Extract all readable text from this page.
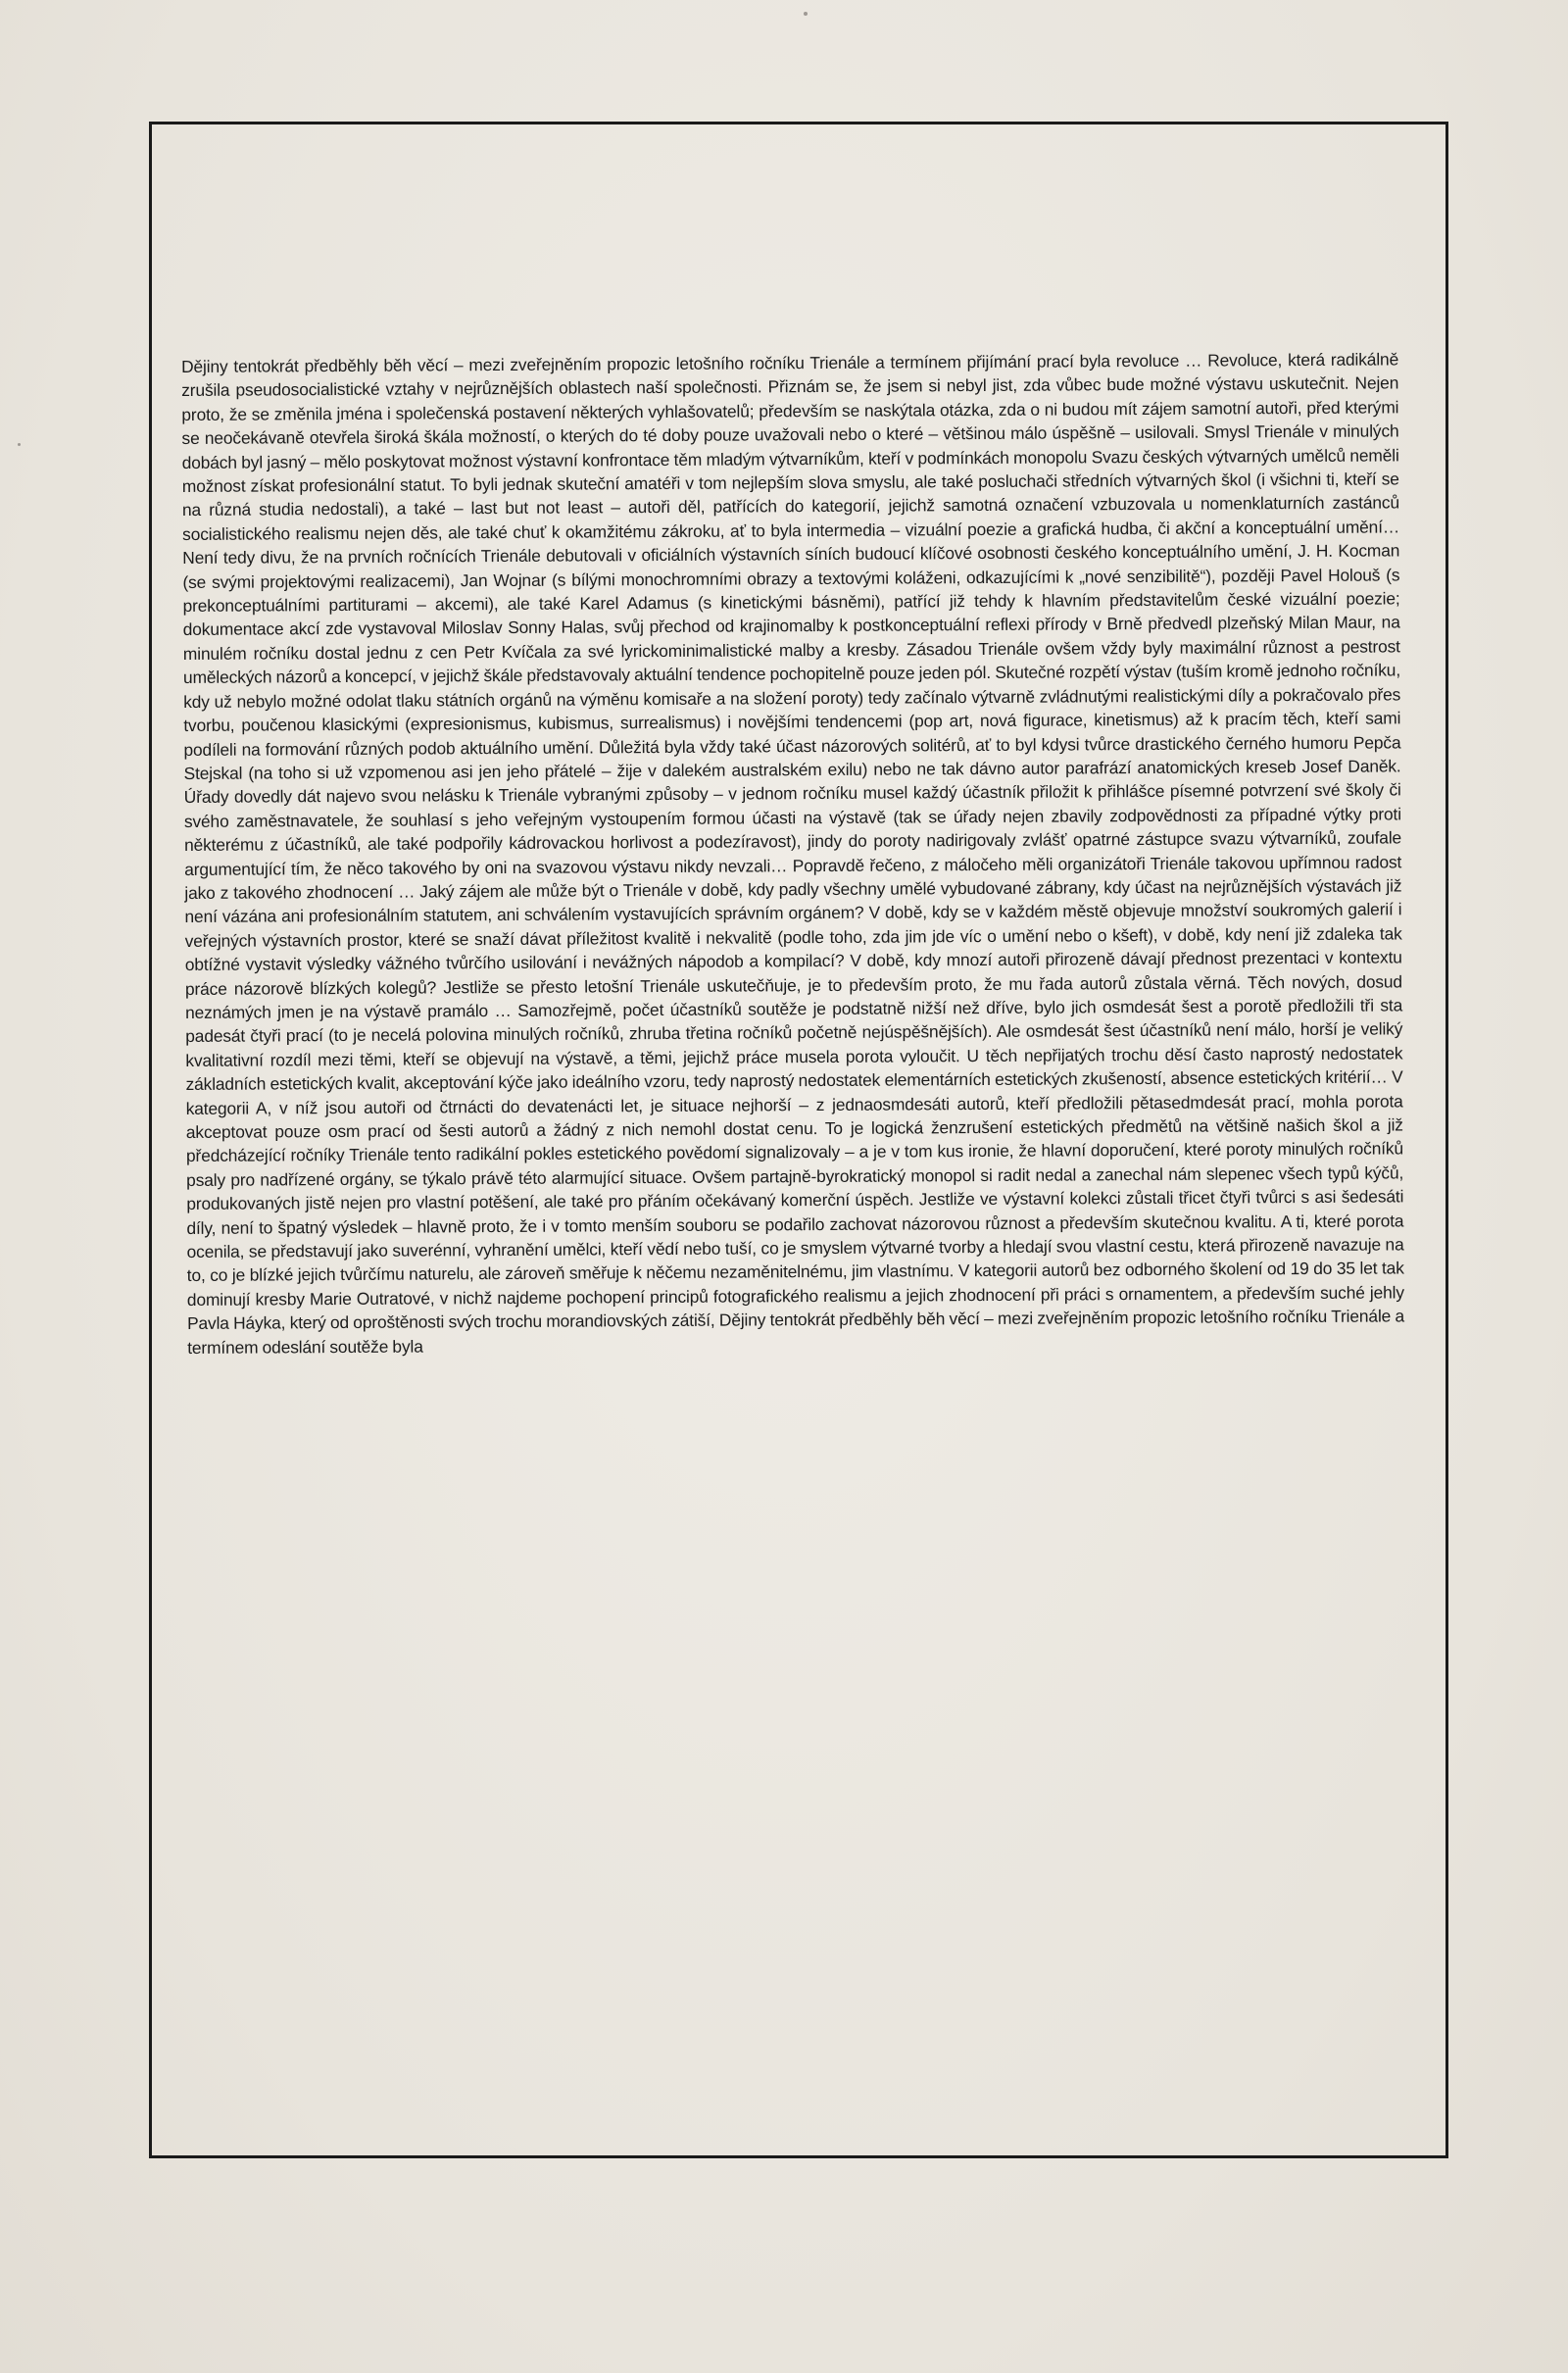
Dějiny tentokrát předběhly běh věcí – mezi zveřejněním propozic letošního ročníku Trienále a termínem přijímání prací byla revoluce … Revoluce, která radikálně zrušila pseudosocialistické vztahy v nejrůznějších oblastech naší společnosti. Přiznám se, že jsem si nebyl jist, zda vůbec bude možné výstavu uskutečnit. Nejen proto, že se změnila jména i společenská postavení některých vyhlašovatelů; především se naskýtala otázka, zda o ni budou mít zájem samotní autoři, před kterými se neočekávaně otevřela široká škála možností, o kterých do té doby pouze uvažovali nebo o které – většinou málo úspěšně – usilovali. Smysl Trienále v minulých dobách byl jasný – mělo poskytovat možnost výstavní konfrontace těm mladým výtvarníkům, kteří v podmínkách monopolu Svazu českých výtvarných umělců neměli možnost získat profesionální statut. To byli jednak skuteční amatéři v tom nejlepším slova smyslu, ale také posluchači středních výtvarných škol (i všichni ti, kteří se na různá studia nedostali), a také – last but not least – autoři děl, patřících do kategorií, jejichž samotná označení vzbuzovala u nomenklaturních zastánců socialistického realismu nejen děs, ale také chuť k okamžitému zákroku, ať to byla intermedia – vizuální poezie a grafická hudba, či akční a konceptuální umění… Není tedy divu, že na prvních ročnících Trienále debutovali v oficiálních výstavních síních budoucí klíčové osobnosti českého konceptuálního umění, J. H. Kocman (se svými projektovými realizacemi), Jan Wojnar (s bílými monochromními obrazy a textovými koláženi, odkazujícími k „nové senzibilitě“), později Pavel Holouš (s prekonceptuálními partiturami – akcemi), ale také Karel Adamus (s kinetickými básněmi), patřící již tehdy k hlavním představitelům české vizuální poezie; dokumentace akcí zde vystavoval Miloslav Sonny Halas, svůj přechod od krajinomalby k postkonceptuální reflexi přírody v Brně předvedl plzeňský Milan Maur, na minulém ročníku dostal jednu z cen Petr Kvíčala za své lyrickominimalistické malby a kresby. Zásadou Trienále ovšem vždy byly maximální různost a pestrost uměleckých názorů a koncepcí, v jejichž škále představovaly aktuální tendence pochopitelně pouze jeden pól. Skutečné rozpětí výstav (tuším kromě jednoho ročníku, kdy už nebylo možné odolat tlaku státních orgánů na výměnu komisaře a na složení poroty) tedy začínalo výtvarně zvládnutými realistickými díly a pokračovalo přes tvorbu, poučenou klasickými (expresionismus, kubismus, surrealismus) i novějšími tendencemi (pop art, nová figurace, kinetismus) až k pracím těch, kteří sami podíleli na formování různých podob aktuálního umění. Důležitá byla vždy také účast názorových solitérů, ať to byl kdysi tvůrce drastického černého humoru Pepča Stejskal (na toho si už vzpomenou asi jen jeho přátelé – žije v dalekém australském exilu) nebo ne tak dávno autor parafrází anatomických kreseb Josef Daněk. Úřady dovedly dát najevo svou nelásku k Trienále vybranými způsoby – v jednom ročníku musel každý účastník přiložit k přihlášce písemné potvrzení své školy či svého zaměstnavatele, že souhlasí s jeho veřejným vystoupením formou účasti na výstavě (tak se úřady nejen zbavily zodpovědnosti za případné výtky proti některému z účastníků, ale také podpořily kádrovackou horlivost a podezíravost), jindy do poroty nadirigovaly zvlášť opatrné zástupce svazu výtvarníků, zoufale argumentující tím, že něco takového by oni na svazovou výstavu nikdy nevzali… Popravdě řečeno, z máločeho měli organizátoři Trienále takovou upřímnou radost jako z takového zhodnocení … Jaký zájem ale může být o Trienále v době, kdy padly všechny umělé vybudované zábrany, kdy účast na nejrůznějších výstavách již není vázána ani profesionálním statutem, ani schválením vystavujících správním orgánem? V době, kdy se v každém městě objevuje množství soukromých galerií i veřejných výstavních prostor, které se snaží dávat příležitost kvalitě i nekvalitě (podle toho, zda jim jde víc o umění nebo o kšeft), v době, kdy není již zdaleka tak obtížné vystavit výsledky vážného tvůrčího usilování i nevážných nápodob a kompilací? V době, kdy mnozí autoři přirozeně dávají přednost prezentaci v kontextu práce názorově blízkých kolegů? Jestliže se přesto letošní Trienále uskutečňuje, je to především proto, že mu řada autorů zůstala věrná. Těch nových, dosud neznámých jmen je na výstavě pramálo … Samozřejmě, počet účastníků soutěže je podstatně nižší než dříve, bylo jich osmdesát šest a porotě předložili tři sta padesát čtyři prací (to je necelá polovina minulých ročníků, zhruba třetina ročníků početně nejúspěšnějších). Ale osmdesát šest účastníků není málo, horší je veliký kvalitativní rozdíl mezi těmi, kteří se objevují na výstavě, a těmi, jejichž práce musela porota vyloučit. U těch nepřijatých trochu děsí často naprostý nedostatek základních estetických kvalit, akceptování kýče jako ideálního vzoru, tedy naprostý nedostatek elementárních estetických zkušeností, absence estetických kritérií… V kategorii A, v níž jsou autoři od čtrnácti do devatenácti let, je situace nejhorší – z jednaosmdesáti autorů, kteří předložili pětasedmdesát prací, mohla porota akceptovat pouze osm prací od šesti autorů a žádný z nich nemohl dostat cenu. To je logická ženzrušení estetických předmětů na většině našich škol a již předcházející ročníky Trienále tento radikální pokles estetického povědomí signalizovaly – a je v tom kus ironie, že hlavní doporučení, které poroty minulých ročníků psaly pro nadřízené orgány, se týkalo právě této alarmující situace. Ovšem partajně-byrokratický monopol si radit nedal a zanechal nám slepenec všech typů kýčů, produkovaných jistě nejen pro vlastní potěšení, ale také pro přáním očekávaný komerční úspěch. Jestliže ve výstavní kolekci zůstali třicet čtyři tvůrci s asi šedesáti díly, není to špatný výsledek – hlavně proto, že i v tomto menším souboru se podařilo zachovat názorovou různost a především skutečnou kvalitu. A ti, které porota ocenila, se představují jako suverénní, vyhranění umělci, kteří vědí nebo tuší, co je smyslem výtvarné tvorby a hledají svou vlastní cestu, která přirozeně navazuje na to, co je blízké jejich tvůrčímu naturelu, ale zároveň směřuje k něčemu nezaměnitelnému, jim vlastnímu. V kategorii autorů bez odborného školení od 19 do 35 let tak dominují kresby Marie Outratové, v nichž najdeme pochopení principů fotografického realismu a jejich zhodnocení při práci s ornamentem, a především suché jehly Pavla Háyka, který od oproštěnosti svých trochu morandiovských zátiší, Dějiny tentokrát předběhly běh věcí – mezi zveřejněním propozic letošního ročníku Trienále a termínem odeslání soutěže byla
